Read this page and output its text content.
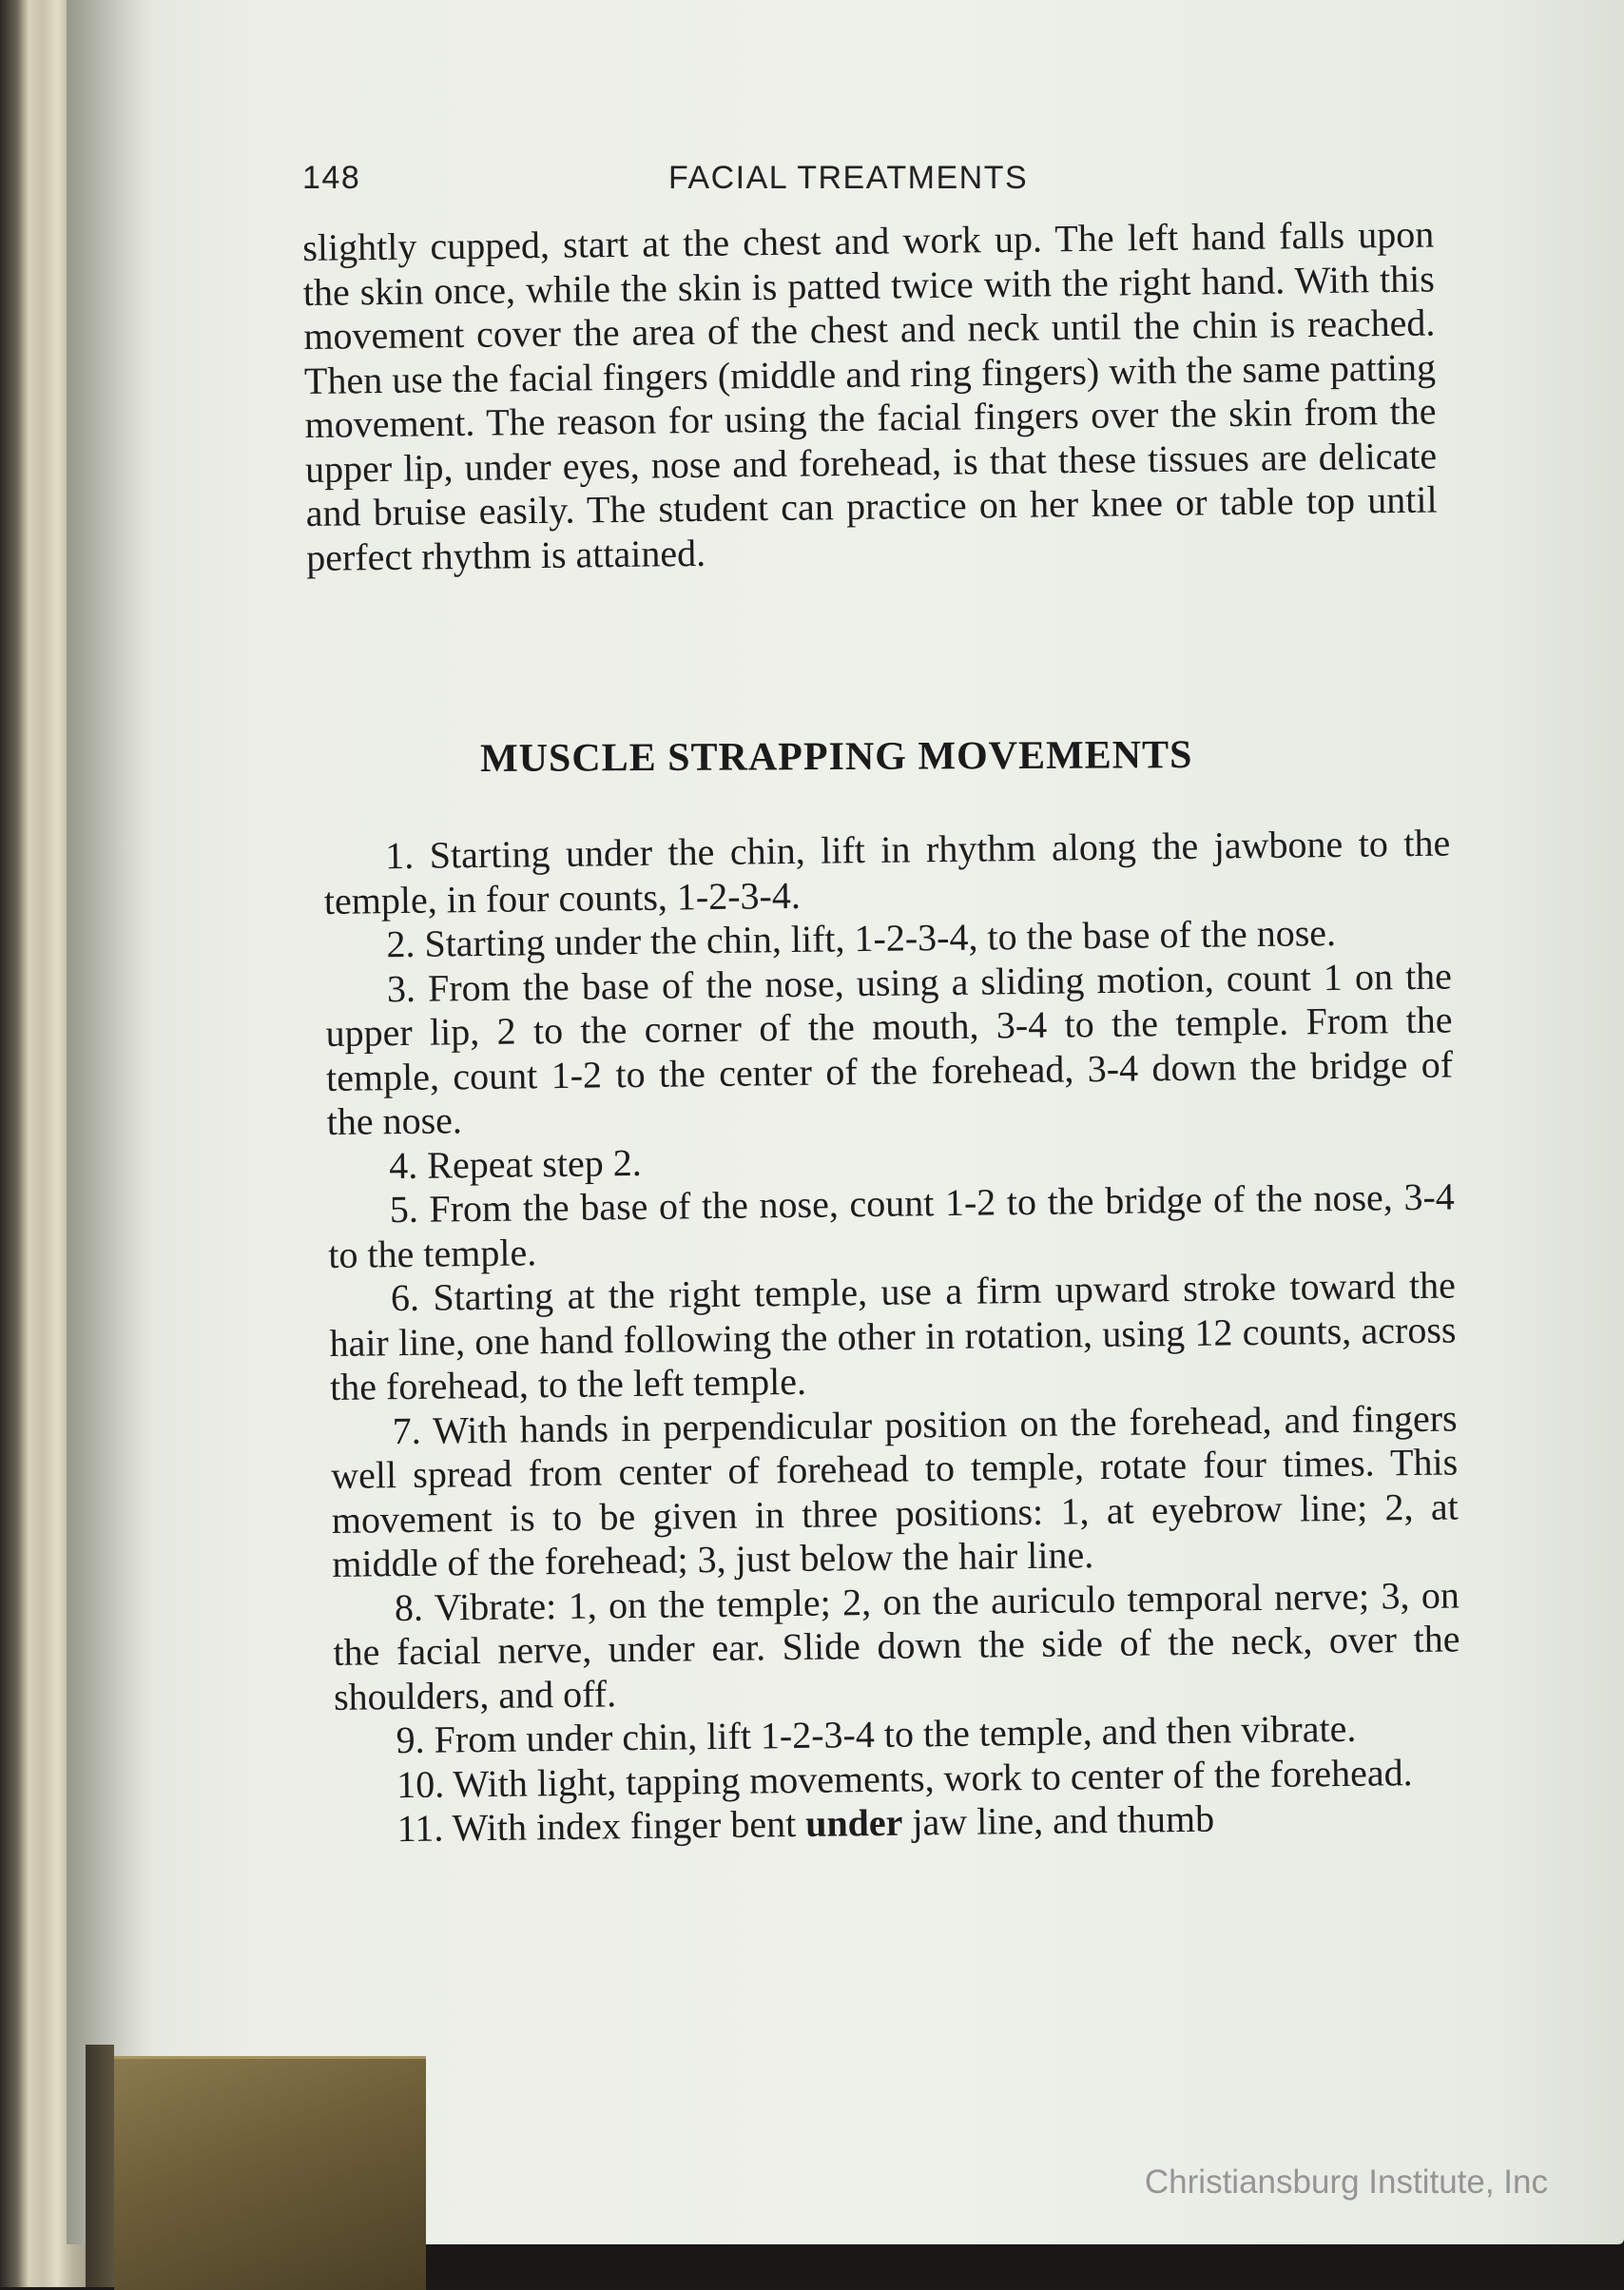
148	FACIAL TREATMENTS

slightly cupped, start at the chest and work up. The left hand falls upon the skin once, while the skin is patted twice with the right hand. With this movement cover the area of the chest and neck until the chin is reached. Then use the facial fingers (middle and ring fingers) with the same patting movement. The reason for using the facial fingers over the skin from the upper lip, under eyes, nose and forehead, is that these tissues are delicate and bruise easily. The student can practice on her knee or table top until perfect rhythm is attained.

MUSCLE STRAPPING MOVEMENTS

1. Starting under the chin, lift in rhythm along the jawbone to the temple, in four counts, 1-2-3-4.

2. Starting under the chin, lift, 1-2-3-4, to the base of the nose.

3. From the base of the nose, using a sliding motion, count 1 on the upper lip, 2 to the corner of the mouth, 3-4 to the temple. From the temple, count 1-2 to the center of the forehead, 3-4 down the bridge of the nose.

4. Repeat step 2.

5. From the base of the nose, count 1-2 to the bridge of the nose, 3-4 to the temple.

6. Starting at the right temple, use a firm upward stroke toward the hair line, one hand following the other in rotation, using 12 counts, across the forehead, to the left temple.

7. With hands in perpendicular position on the forehead, and fingers well spread from center of forehead to temple, rotate four times. This movement is to be given in three positions: 1, at eyebrow line; 2, at middle of the forehead; 3, just below the hair line.

8. Vibrate: 1, on the temple; 2, on the auriculo temporal nerve; 3, on the facial nerve, under ear. Slide down the side of the neck, over the shoulders, and off.

9. From under chin, lift 1-2-3-4 to the temple, and then vibrate.

10. With light, tapping movements, work to center of the forehead.

11. With index finger bent under jaw line, and thumb

Christiansburg Institute, Inc
